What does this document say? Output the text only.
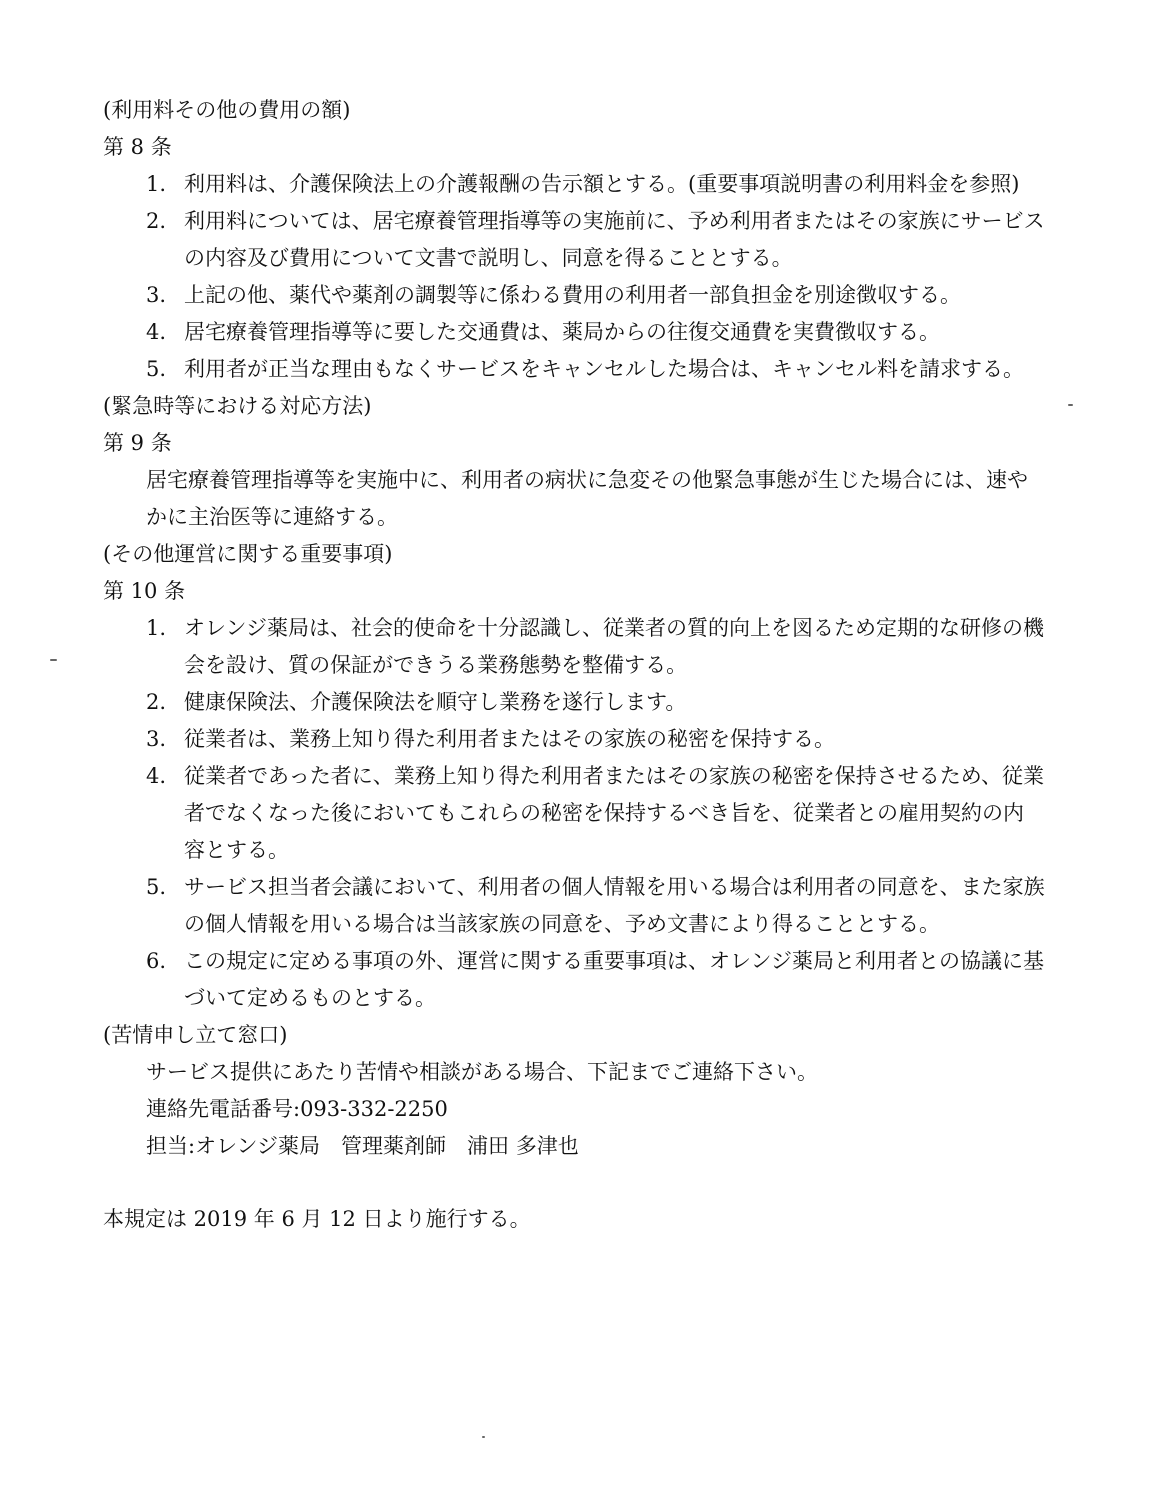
(利用料その他の費用の額)
第 8 条
1. 利用料は、介護保険法上の介護報酬の告示額とする。(重要事項説明書の利用料金を参照)
2. 利用料については、居宅療養管理指導等の実施前に、予め利用者またはその家族にサービス
の内容及び費用について文書で説明し、同意を得ることとする。
3. 上記の他、薬代や薬剤の調製等に係わる費用の利用者一部負担金を別途徴収する。
4. 居宅療養管理指導等に要した交通費は、薬局からの往復交通費を実費徴収する。
5. 利用者が正当な理由もなくサービスをキャンセルした場合は、キャンセル料を請求する。
(緊急時等における対応方法)
第 9 条
居宅療養管理指導等を実施中に、利用者の病状に急変その他緊急事態が生じた場合には、速や
かに主治医等に連絡する。
(その他運営に関する重要事項)
第 10 条
1. オレンジ薬局は、社会的使命を十分認識し、従業者の質的向上を図るため定期的な研修の機
会を設け、質の保証ができうる業務態勢を整備する。
2. 健康保険法、介護保険法を順守し業務を遂行します。
3. 従業者は、業務上知り得た利用者またはその家族の秘密を保持する。
4. 従業者であった者に、業務上知り得た利用者またはその家族の秘密を保持させるため、従業
者でなくなった後においてもこれらの秘密を保持するべき旨を、従業者との雇用契約の内
容とする。
5. サービス担当者会議において、利用者の個人情報を用いる場合は利用者の同意を、また家族
の個人情報を用いる場合は当該家族の同意を、予め文書により得ることとする。
6. この規定に定める事項の外、運営に関する重要事項は、オレンジ薬局と利用者との協議に基
づいて定めるものとする。
(苦情申し立て窓口)
サービス提供にあたり苦情や相談がある場合、下記までご連絡下さい。
連絡先電話番号:093-332-2250
担当:オレンジ薬局　管理薬剤師　浦田 多津也
本規定は 2019 年 6 月 12 日より施行する。
